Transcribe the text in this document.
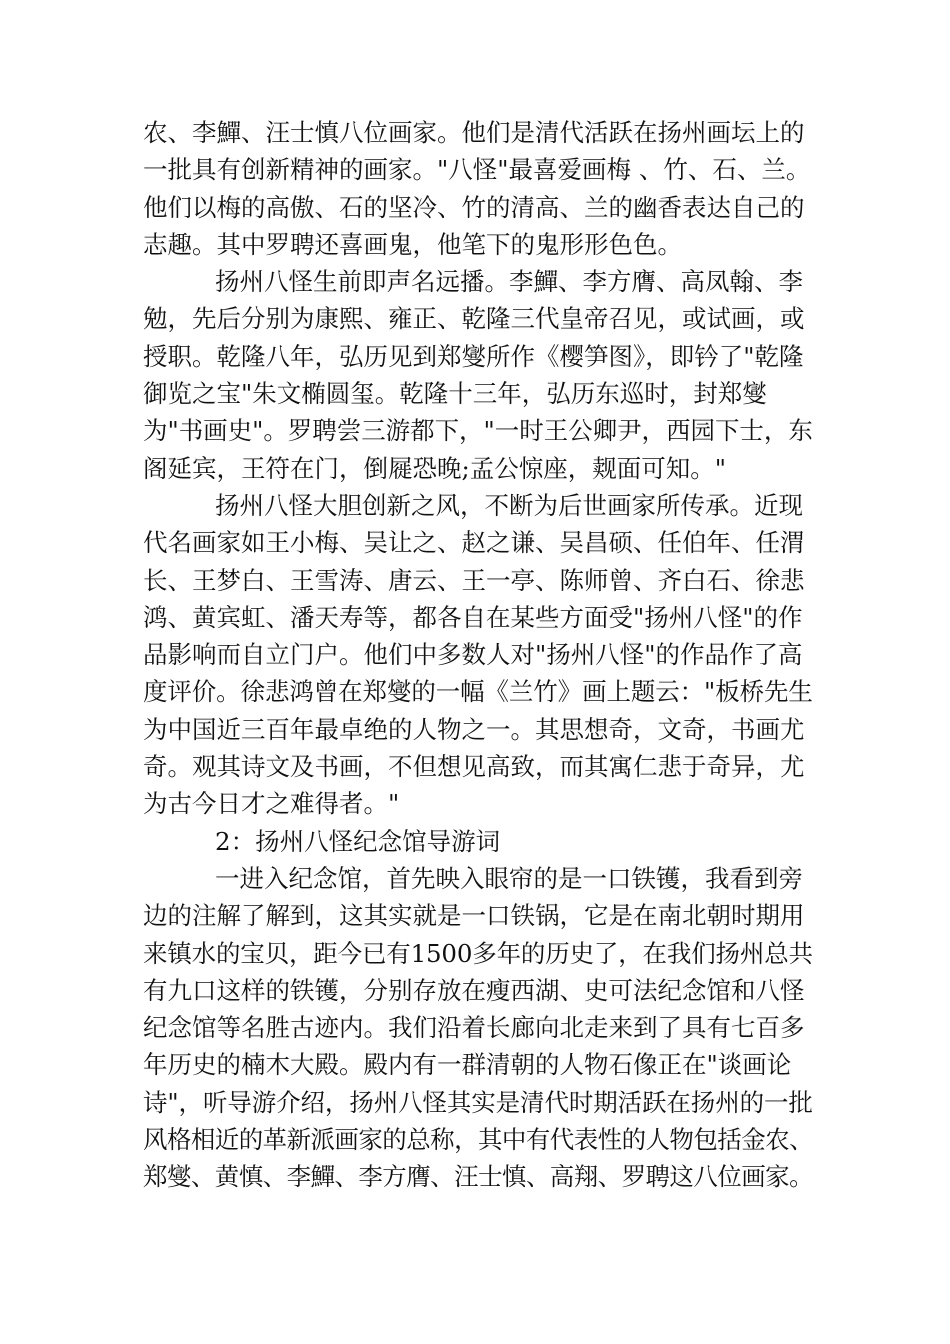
农、李鱓、汪士慎八位画家。他们是清代活跃在扬州画坛上的
一批具有创新精神的画家。"八怪"最喜爱画梅 、竹、石、兰。
他们以梅的高傲、石的坚冷、竹的清高、兰的幽香表达自己的
志趣。其中罗聘还喜画鬼，他笔下的鬼形形色色。
扬州八怪生前即声名远播。李鱓、李方膺、高凤翰、李
勉，先后分别为康熙、雍正、乾隆三代皇帝召见，或试画，或
授职。乾隆八年，弘历见到郑燮所作《樱笋图》，即钤了"乾隆
御览之宝"朱文椭圆玺。乾隆十三年，弘历东巡时，封郑燮
为"书画史"。罗聘尝三游都下，"一时王公卿尹，西园下士，东
阁延宾，王符在门，倒屣恐晚;孟公惊座，觌面可知。"
扬州八怪大胆创新之风，不断为后世画家所传承。近现
代名画家如王小梅、吴让之、赵之谦、吴昌硕、任伯年、任渭
长、王梦白、王雪涛、唐云、王一亭、陈师曾、齐白石、徐悲
鸿、黄宾虹、潘天寿等，都各自在某些方面受"扬州八怪"的作
品影响而自立门户。他们中多数人对"扬州八怪"的作品作了高
度评价。徐悲鸿曾在郑燮的一幅《兰竹》画上题云："板桥先生
为中国近三百年最卓绝的人物之一。其思想奇，文奇，书画尤
奇。观其诗文及书画，不但想见高致，而其寓仁悲于奇异，尤
为古今日才之难得者。"
2：扬州八怪纪念馆导游词
一进入纪念馆，首先映入眼帘的是一口铁镬，我看到旁
边的注解了解到，这其实就是一口铁锅，它是在南北朝时期用
来镇水的宝贝，距今已有1500多年的历史了，在我们扬州总共
有九口这样的铁镬，分别存放在瘦西湖、史可法纪念馆和八怪
纪念馆等名胜古迹内。我们沿着长廊向北走来到了具有七百多
年历史的楠木大殿。殿内有一群清朝的人物石像正在"谈画论
诗"，听导游介绍，扬州八怪其实是清代时期活跃在扬州的一批
风格相近的革新派画家的总称，其中有代表性的人物包括金农、
郑燮、黄慎、李鱓、李方膺、汪士慎、高翔、罗聘这八位画家。
